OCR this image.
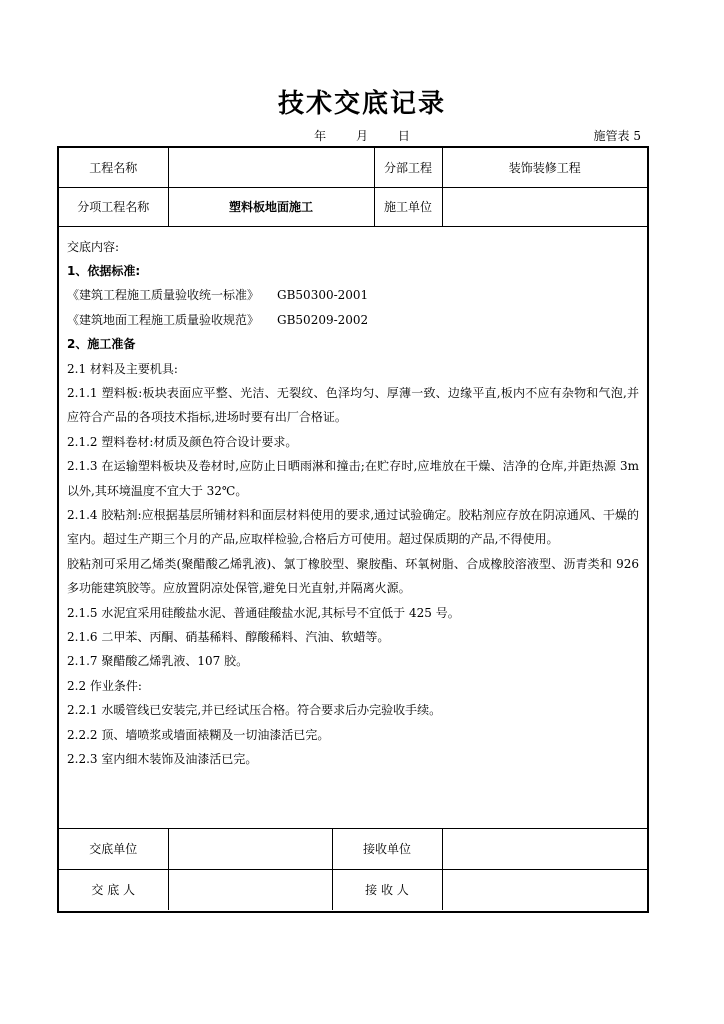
技术交底记录
年 月 日	施管表 5
工程名称		分部工程	装饰装修工程
分项工程名称	塑料板地面施工	施工单位	

交底内容:

1、依据标准:

《建筑工程施工质量验收统一标准》 GB50300-2001

《建筑地面工程施工质量验收规范》 GB50209-2002

2、施工准备

2.1 材料及主要机具:

2.1.1 塑料板:板块表面应平整、光洁、无裂纹、色泽均匀、厚薄一致、边缘平直,板内不应有杂物和气泡,并应符合产品的各项技术指标,进场时要有出厂合格证。

2.1.2 塑料卷材:材质及颜色符合设计要求。

2.1.3 在运输塑料板块及卷材时,应防止日晒雨淋和撞击;在贮存时,应堆放在干燥、洁净的仓库,并距热源 3m 以外,其环境温度不宜大于 32℃。

2.1.4 胶粘剂:应根据基层所铺材料和面层材料使用的要求,通过试验确定。胶粘剂应存放在阴凉通风、干燥的室内。超过生产期三个月的产品,应取样检验,合格后方可使用。超过保质期的产品,不得使用。

胶粘剂可采用乙烯类(聚醋酸乙烯乳液)、氯丁橡胶型、聚胺酯、环氧树脂、合成橡胶溶液型、沥青类和 926 多功能建筑胶等。应放置阴凉处保管,避免日光直射,并隔离火源。

2.1.5 水泥宜采用硅酸盐水泥、普通硅酸盐水泥,其标号不宜低于 425 号。

2.1.6 二甲苯、丙酮、硝基稀料、醇酸稀料、汽油、软蜡等。

2.1.7 聚醋酸乙烯乳液、107 胶。

2.2 作业条件:

2.2.1 水暖管线已安装完,并已经试压合格。符合要求后办完验收手续。

2.2.2 顶、墙喷浆或墙面裱糊及一切油漆活已完。

2.2.3 室内细木装饰及油漆活已完。

交底单位		接收单位	
交 底 人		接 收 人	
